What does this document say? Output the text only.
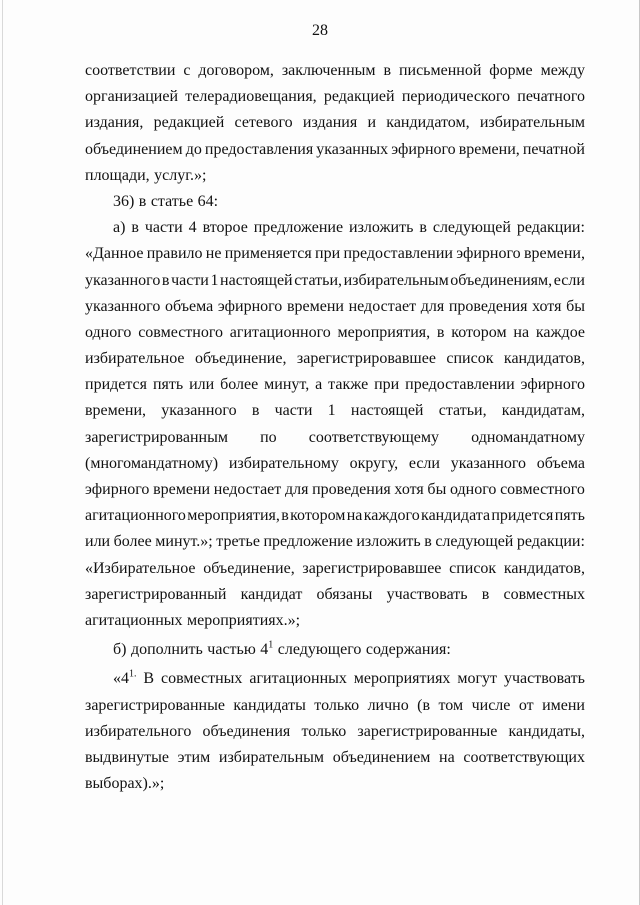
28
соответствии с договором, заключенным в письменной форме между
организацией телерадиовещания, редакцией периодического печатного
издания, редакцией сетевого издания и кандидатом, избирательным
объединением до предоставления указанных эфирного времени, печатной
площади, услуг.»;
36) в статье 64:
а) в части 4 второе предложение изложить в следующей редакции:
«Данное правило не применяется при предоставлении эфирного времени,
указанного в части 1 настоящей статьи, избирательным объединениям, если
указанного объема эфирного времени недостает для проведения хотя бы
одного совместного агитационного мероприятия, в котором на каждое
избирательное объединение, зарегистрировавшее список кандидатов,
придется пять или более минут, а также при предоставлении эфирного
времени, указанного в части 1 настоящей статьи, кандидатам,
зарегистрированным по соответствующему одномандатному
(многомандатному) избирательному округу, если указанного объема
эфирного времени недостает для проведения хотя бы одного совместного
агитационного мероприятия, в котором на каждого кандидата придется пять
или более минут.»; третье предложение изложить в следующей редакции:
«Избирательное объединение, зарегистрировавшее список кандидатов,
зарегистрированный кандидат обязаны участвовать в совместных
агитационных мероприятиях.»;
б) дополнить частью $4^1$ следующего содержания:
«$4^{1.}$ В совместных агитационных мероприятиях могут участвовать
зарегистрированные кандидаты только лично (в том числе от имени
избирательного объединения только зарегистрированные кандидаты,
выдвинутые этим избирательным объединением на соответствующих
выборах).»;
